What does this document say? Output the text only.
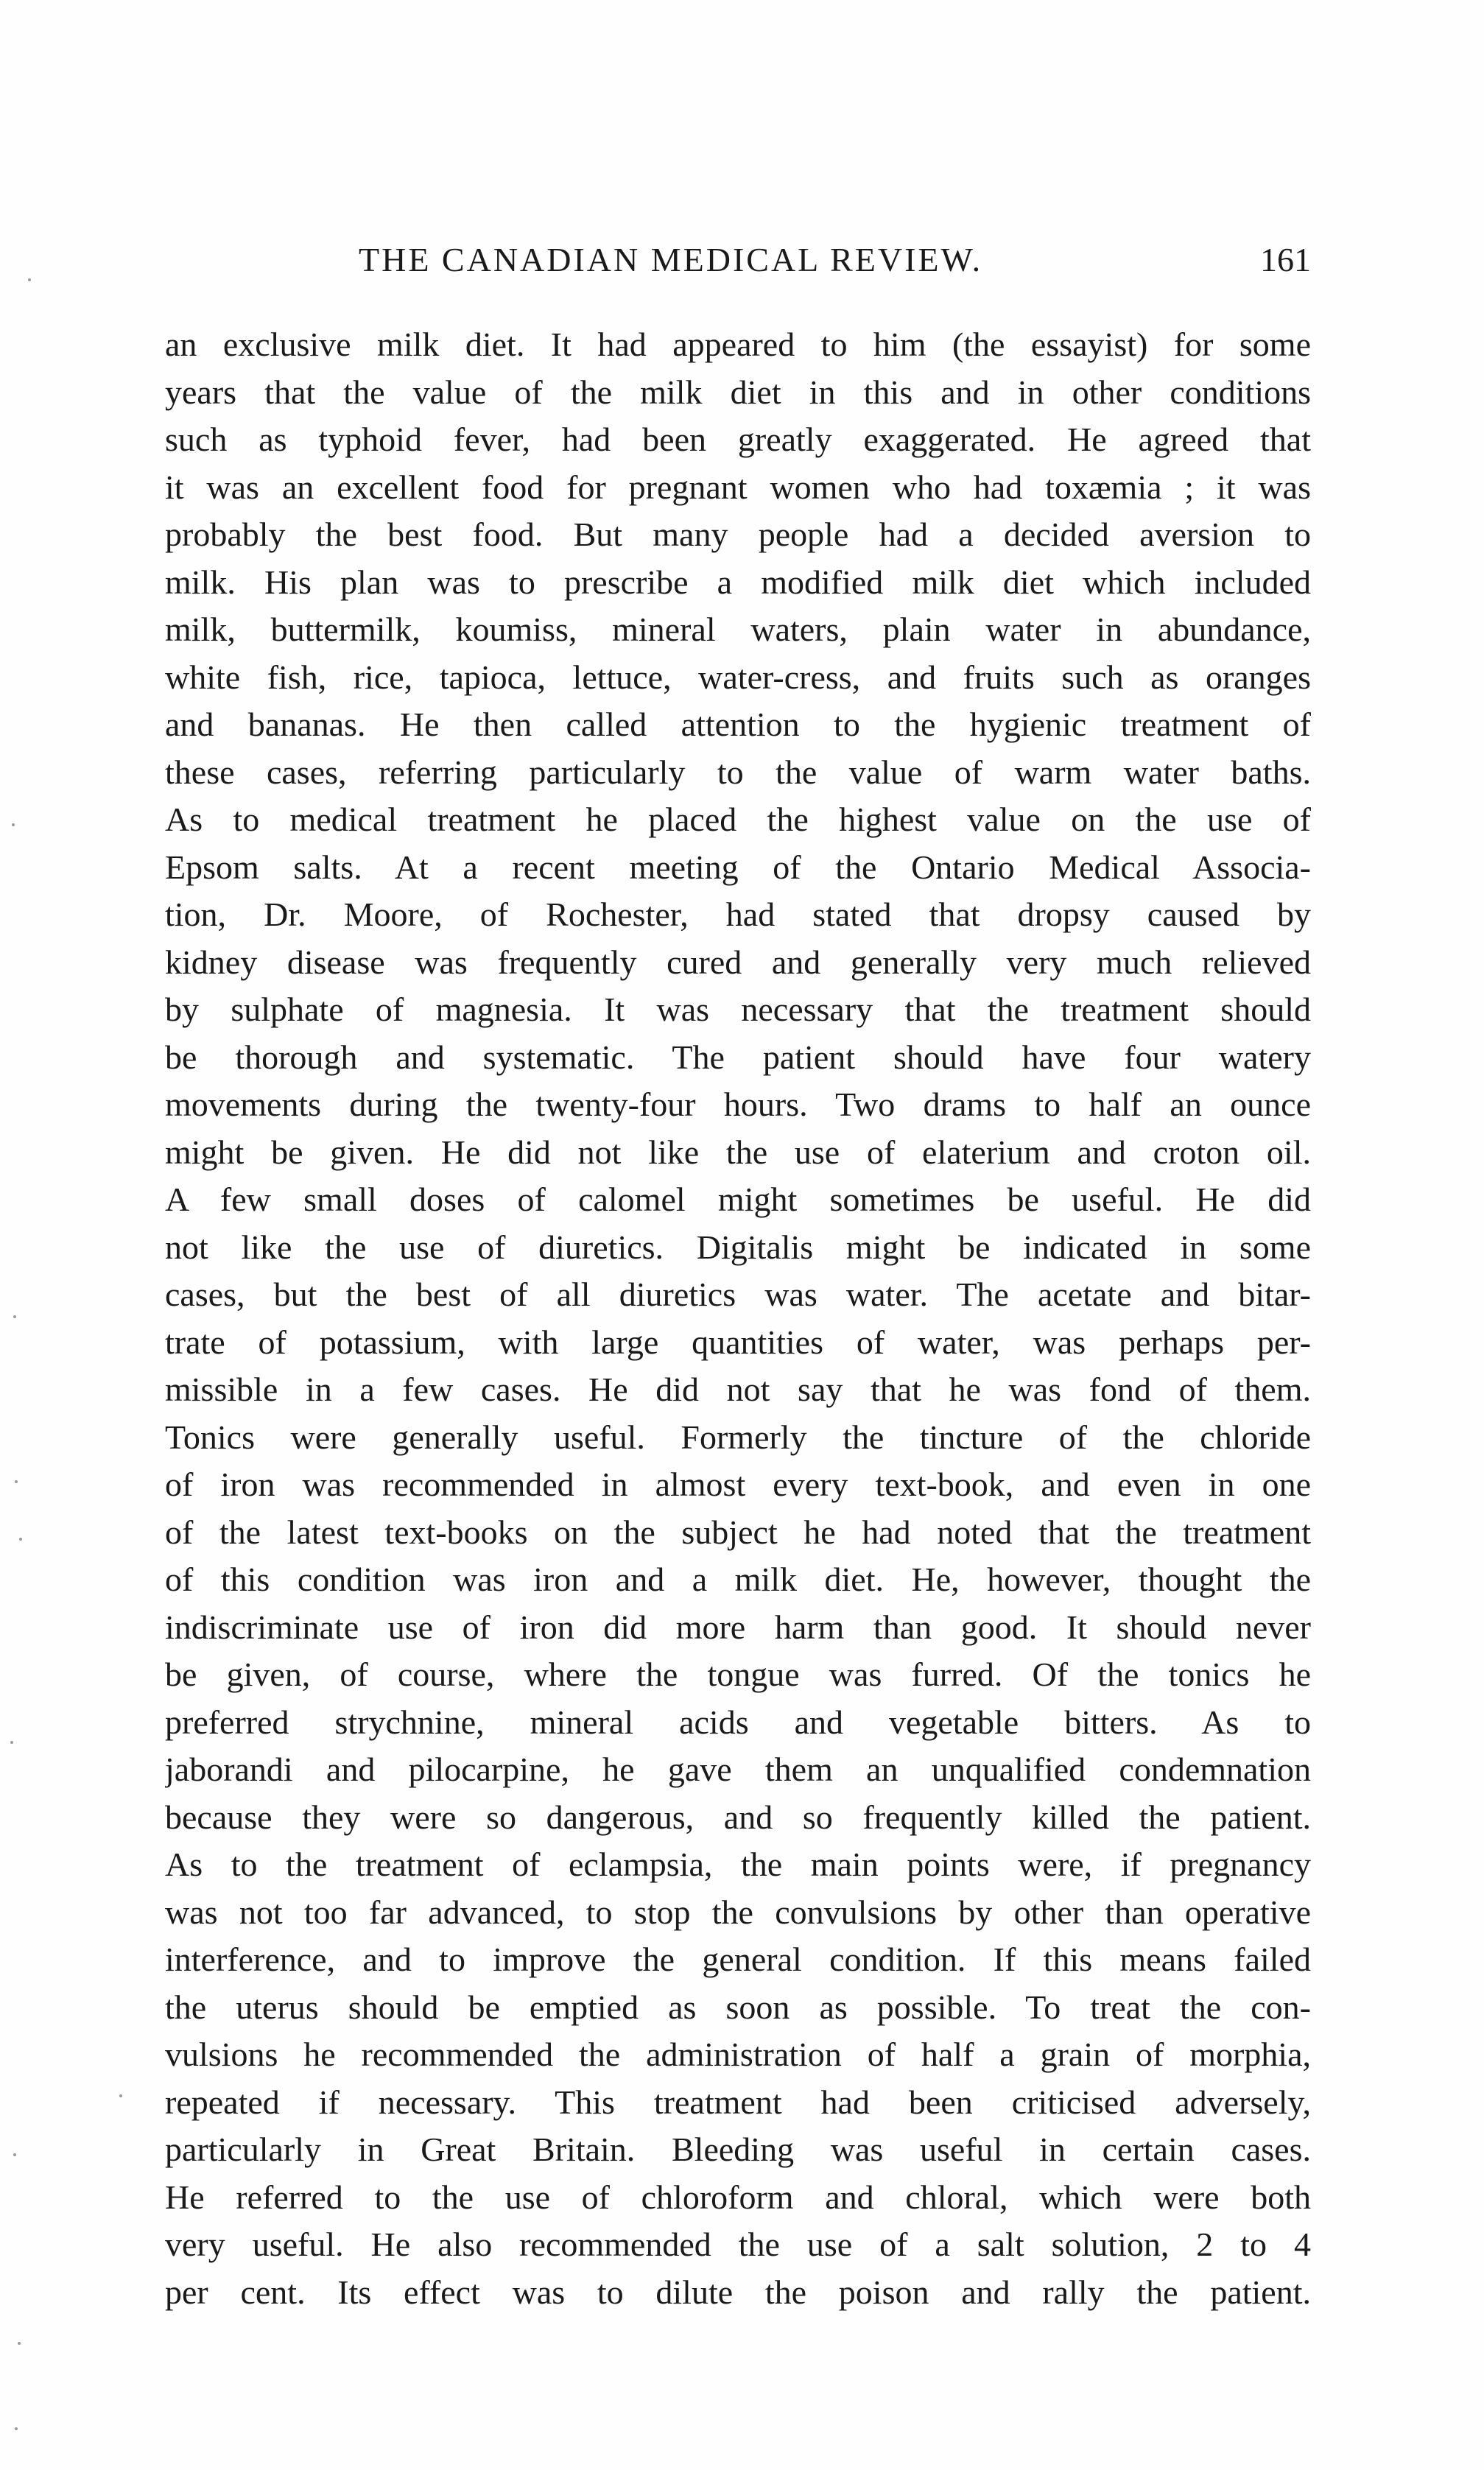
THE CANADIAN MEDICAL REVIEW.	161
an exclusive milk diet. It had appeared to him (the essayist) for some
years that the value of the milk diet in this and in other conditions
such as typhoid fever, had been greatly exaggerated. He agreed that
it was an excellent food for pregnant women who had toxæmia ; it was
probably the best food. But many people had a decided aversion to
milk. His plan was to prescribe a modified milk diet which included
milk, buttermilk, koumiss, mineral waters, plain water in abundance,
white fish, rice, tapioca, lettuce, water-cress, and fruits such as oranges
and bananas. He then called attention to the hygienic treatment of
these cases, referring particularly to the value of warm water baths.
As to medical treatment he placed the highest value on the use of
Epsom salts. At a recent meeting of the Ontario Medical Associa-
tion, Dr. Moore, of Rochester, had stated that dropsy caused by
kidney disease was frequently cured and generally very much relieved
by sulphate of magnesia. It was necessary that the treatment should
be thorough and systematic. The patient should have four watery
movements during the twenty-four hours. Two drams to half an ounce
might be given. He did not like the use of elaterium and croton oil.
A few small doses of calomel might sometimes be useful. He did
not like the use of diuretics. Digitalis might be indicated in some
cases, but the best of all diuretics was water. The acetate and bitar-
trate of potassium, with large quantities of water, was perhaps per-
missible in a few cases. He did not say that he was fond of them.
Tonics were generally useful. Formerly the tincture of the chloride
of iron was recommended in almost every text-book, and even in one
of the latest text-books on the subject he had noted that the treatment
of this condition was iron and a milk diet. He, however, thought the
indiscriminate use of iron did more harm than good. It should never
be given, of course, where the tongue was furred. Of the tonics he
preferred strychnine, mineral acids and vegetable bitters. As to
jaborandi and pilocarpine, he gave them an unqualified condemnation
because they were so dangerous, and so frequently killed the patient.
As to the treatment of eclampsia, the main points were, if pregnancy
was not too far advanced, to stop the convulsions by other than operative
interference, and to improve the general condition. If this means failed
the uterus should be emptied as soon as possible. To treat the con-
vulsions he recommended the administration of half a grain of morphia,
repeated if necessary. This treatment had been criticised adversely,
particularly in Great Britain. Bleeding was useful in certain cases.
He referred to the use of chloroform and chloral, which were both
very useful. He also recommended the use of a salt solution, 2 to 4
per cent. Its effect was to dilute the poison and rally the patient.
